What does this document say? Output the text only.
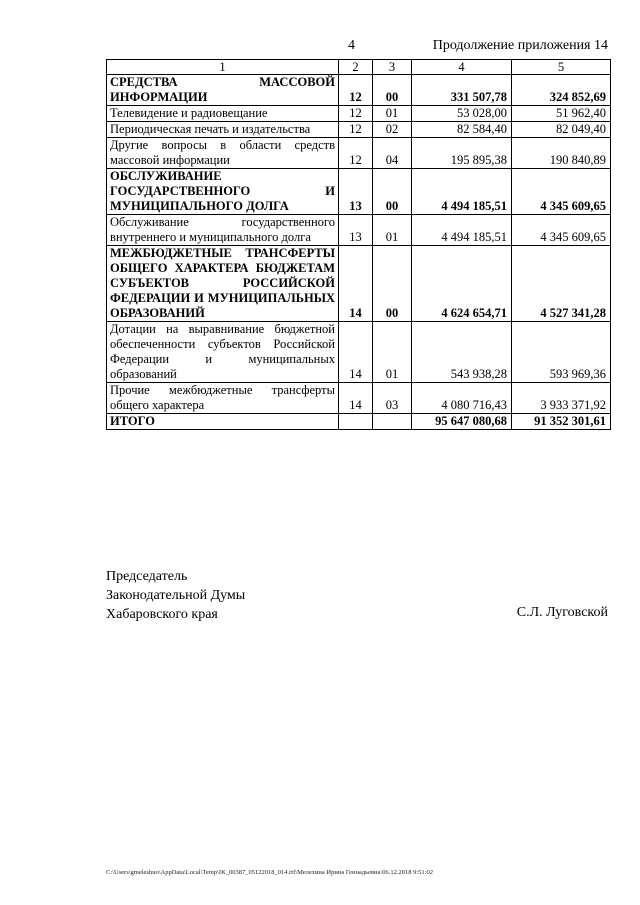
4	Продолжение приложения 14
1	2	3	4	5
СРЕДСТВА МАССОВОЙ ИНФОРМАЦИИ	12	00	331 507,78	324 852,69
Телевидение и радиовещание	12	01	53 028,00	51 962,40
Периодическая печать и издательства	12	02	82 584,40	82 049,40
Другие вопросы в области средств массовой информации	12	04	195 895,38	190 840,89
ОБСЛУЖИВАНИЕ ГОСУДАРСТВЕННОГО И МУНИЦИПАЛЬНОГО ДОЛГА	13	00	4 494 185,51	4 345 609,65
Обслуживание государственного внутреннего и муниципального долга	13	01	4 494 185,51	4 345 609,65
МЕЖБЮДЖЕТНЫЕ ТРАНСФЕРТЫ ОБЩЕГО ХАРАКТЕРА БЮДЖЕТАМ СУБЪЕКТОВ РОССИЙСКОЙ ФЕДЕРАЦИИ И МУНИЦИПАЛЬНЫХ ОБРАЗОВАНИЙ	14	00	4 624 654,71	4 527 341,28
Дотации на выравнивание бюджетной обеспеченности субъектов Российской Федерации и муниципальных образований	14	01	543 938,28	593 969,36
Прочие межбюджетные трансферты общего характера	14	03	4 080 716,43	3 933 371,92
ИТОГО			95 647 080,68	91 352 301,61
Председатель
Законодательной Думы
Хабаровского края	С.Л. Луговской
C:\Users\gmeleshuo\AppData\Local\Temp\IK_00387_05122018_014.rtf\Мелехина Ирина Геннадьевна\06.12.2018 9:51:02
